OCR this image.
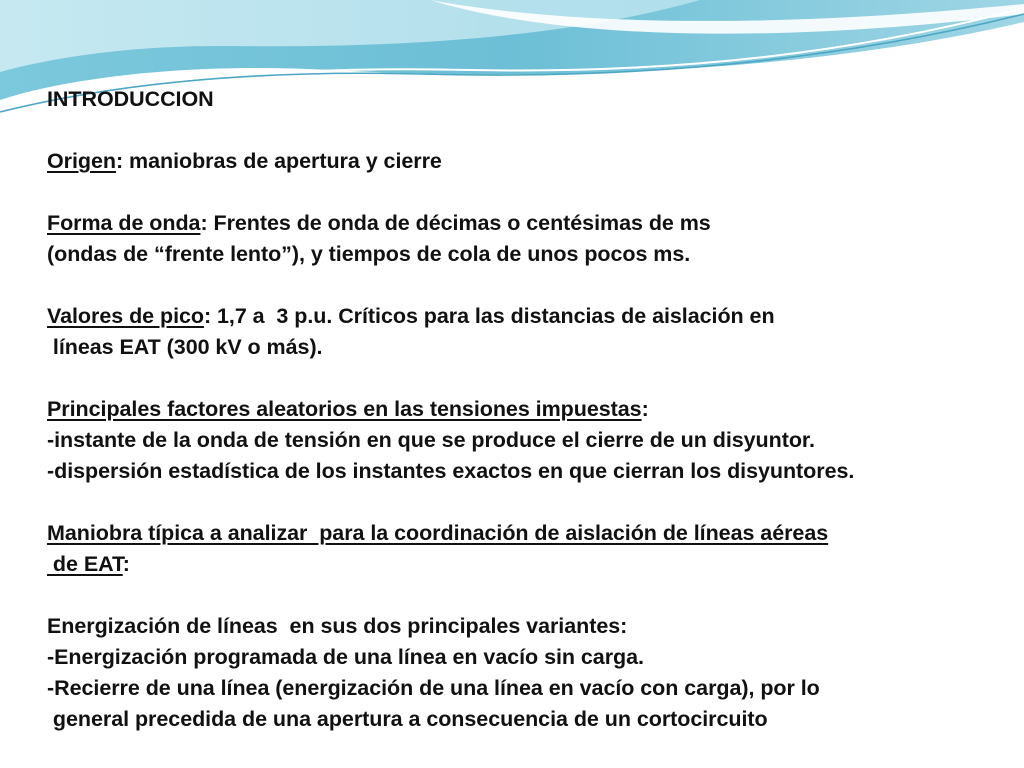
INTRODUCCION
Origen: maniobras de apertura y cierre
Forma de onda: Frentes de onda de décimas o centésimas de ms
(ondas de “frente lento”), y tiempos de cola de unos pocos ms.
Valores de pico: 1,7 a  3 p.u. Críticos para las distancias de aislación en
líneas EAT (300 kV o más).
Principales factores aleatorios en las tensiones impuestas:
-instante de la onda de tensión en que se produce el cierre de un disyuntor.
-dispersión estadística de los instantes exactos en que cierran los disyuntores.
Maniobra típica a analizar  para la coordinación de aislación de líneas aéreas
de EAT:
Energización de líneas  en sus dos principales variantes:
-Energización programada de una línea en vacío sin carga.
-Recierre de una línea (energización de una línea en vacío con carga), por lo
general precedida de una apertura a consecuencia de un cortocircuito
